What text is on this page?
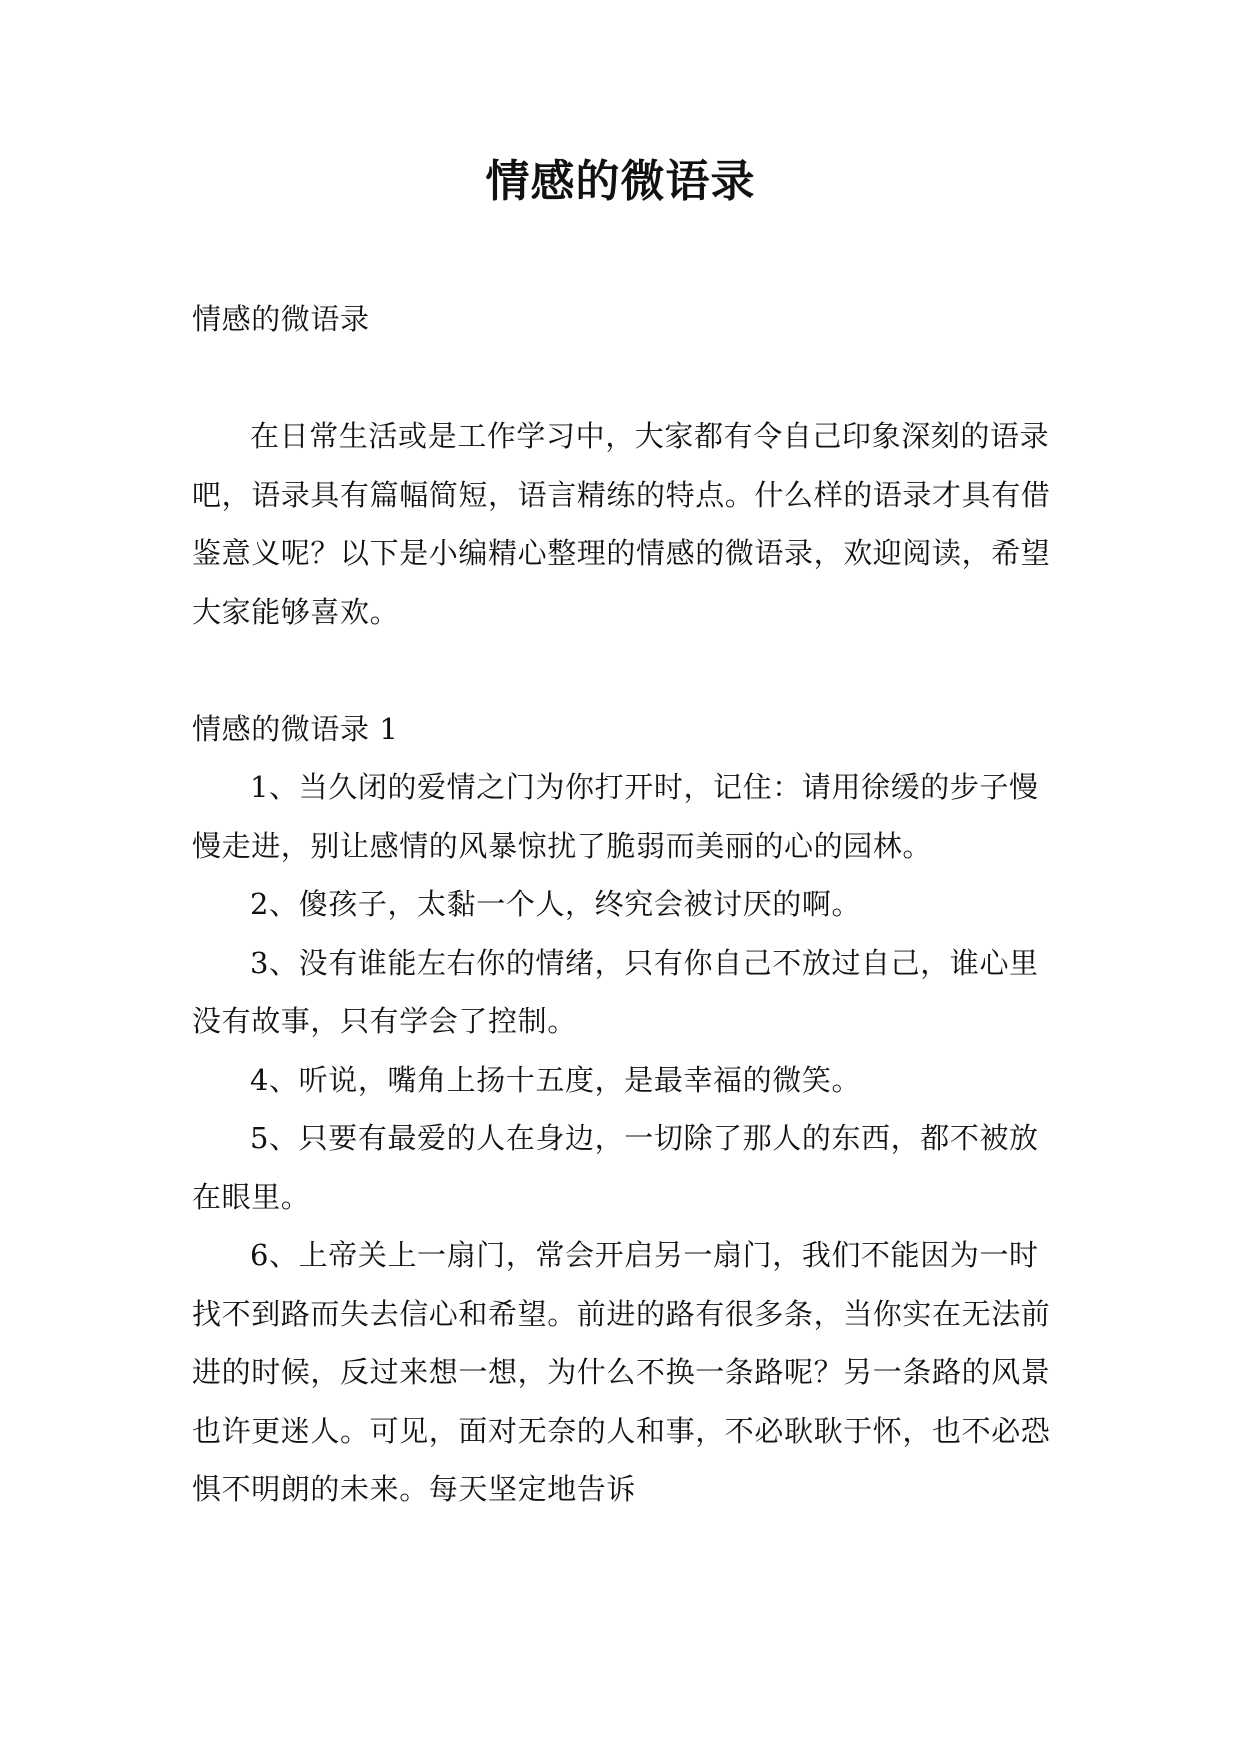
情感的微语录

情感的微语录

在日常生活或是工作学习中，大家都有令自己印象深刻的语录吧，语录具有篇幅简短，语言精练的特点。什么样的语录才具有借鉴意义呢？以下是小编精心整理的情感的微语录，欢迎阅读，希望大家能够喜欢。

情感的微语录 1

1、当久闭的爱情之门为你打开时，记住：请用徐缓的步子慢慢走进，别让感情的风暴惊扰了脆弱而美丽的心的园林。

2、傻孩子，太黏一个人，终究会被讨厌的啊。

3、没有谁能左右你的情绪，只有你自己不放过自己，谁心里没有故事，只有学会了控制。

4、听说，嘴角上扬十五度，是最幸福的微笑。

5、只要有最爱的人在身边，一切除了那人的东西，都不被放在眼里。

6、上帝关上一扇门，常会开启另一扇门，我们不能因为一时找不到路而失去信心和希望。前进的路有很多条，当你实在无法前进的时候，反过来想一想，为什么不换一条路呢？另一条路的风景也许更迷人。可见，面对无奈的人和事，不必耿耿于怀，也不必恐惧不明朗的未来。每天坚定地告诉
